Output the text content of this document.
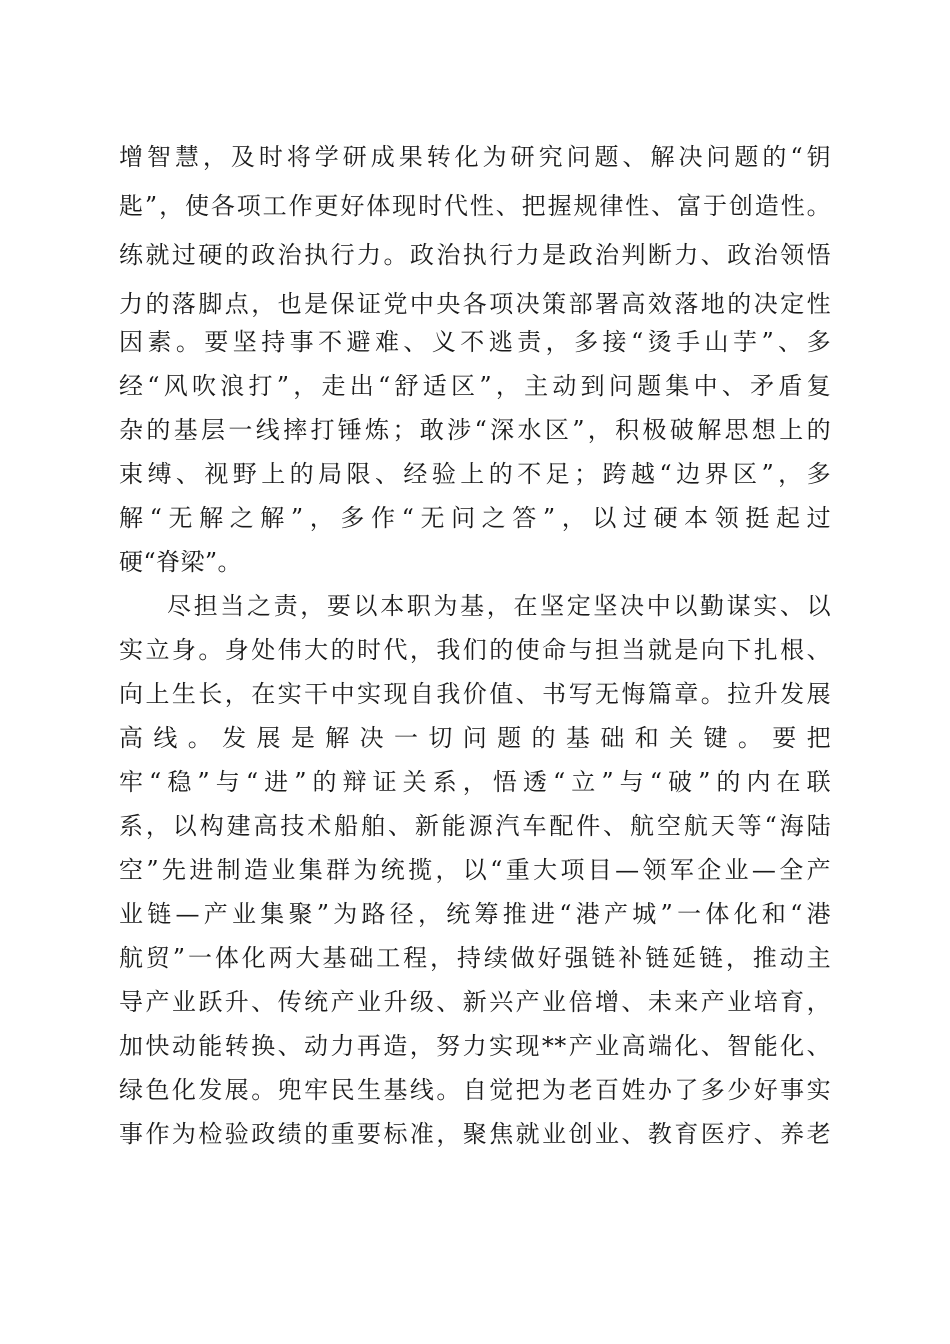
增智慧，及时将学研成果转化为研究问题、解决问题的“钥
匙”，使各项工作更好体现时代性、把握规律性、富于创造性。
练就过硬的政治执行力。政治执行力是政治判断力、政治领悟
力的落脚点，也是保证党中央各项决策部署高效落地的决定性
因素。要坚持事不避难、义不逃责，多接“烫手山芋”、多
经“风吹浪打”，走出“舒适区”，主动到问题集中、矛盾复
杂的基层一线摔打锤炼；敢涉“深水区”，积极破解思想上的
束缚、视野上的局限、经验上的不足；跨越“边界区”，多
解“无解之解”，多作“无问之答”，以过硬本领挺起过
硬“脊梁”。
尽担当之责，要以本职为基，在坚定坚决中以勤谋实、以
实立身。身处伟大的时代，我们的使命与担当就是向下扎根、
向上生长，在实干中实现自我价值、书写无悔篇章。拉升发展
高线。发展是解决一切问题的基础和关键。要把
牢“稳”与“进”的辩证关系，悟透“立”与“破”的内在联
系，以构建高技术船舶、新能源汽车配件、航空航天等“海陆
空”先进制造业集群为统揽，以“重大项目—领军企业—全产
业链—产业集聚”为路径，统筹推进“港产城”一体化和“港
航贸”一体化两大基础工程，持续做好强链补链延链，推动主
导产业跃升、传统产业升级、新兴产业倍增、未来产业培育，
加快动能转换、动力再造，努力实现**产业高端化、智能化、
绿色化发展。兜牢民生基线。自觉把为老百姓办了多少好事实
事作为检验政绩的重要标准，聚焦就业创业、教育医疗、养老
